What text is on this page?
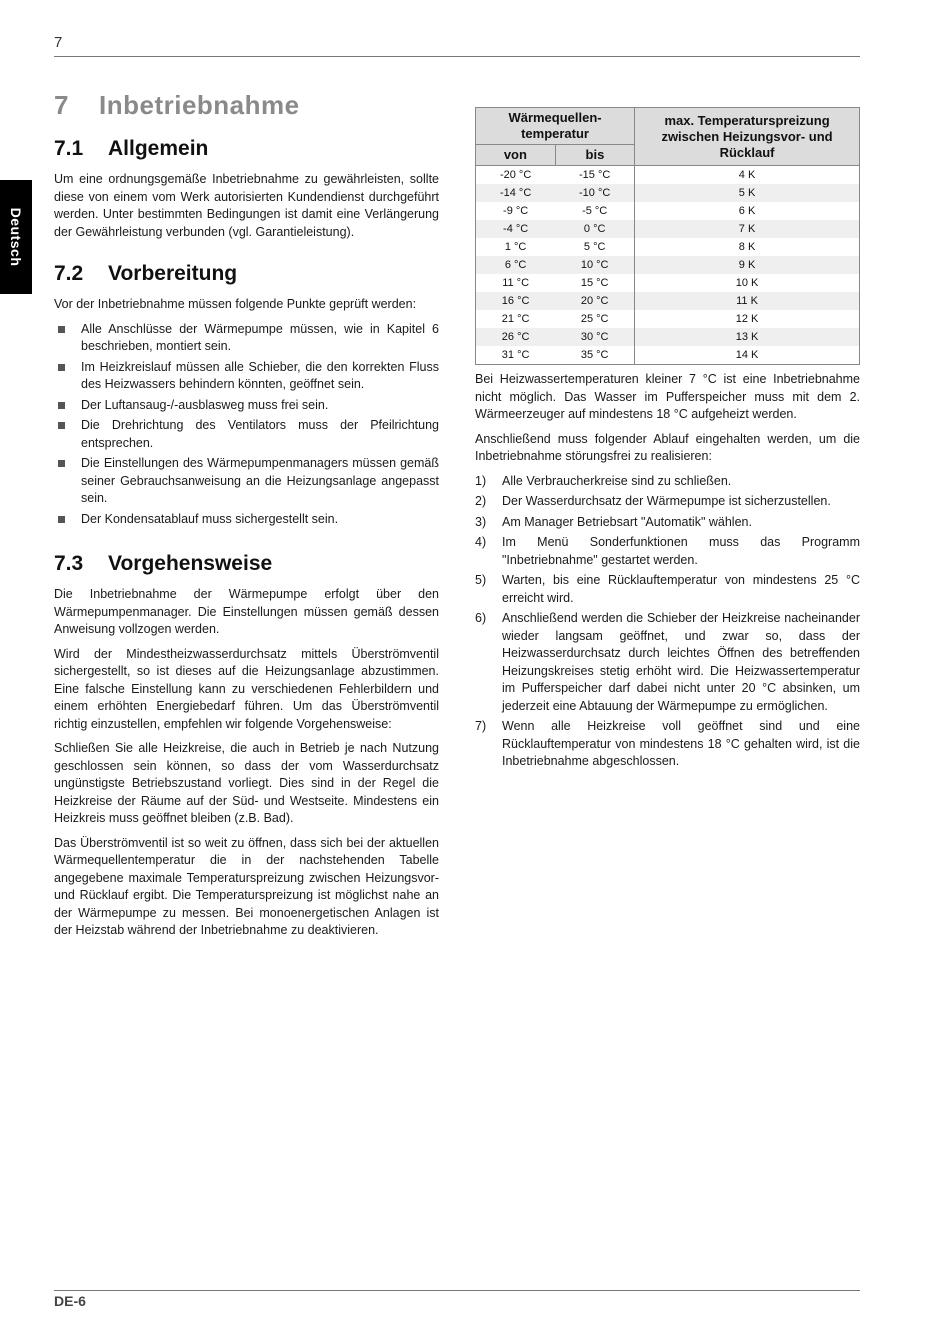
7
Deutsch
7 Inbetriebnahme
7.1 Allgemein

Um eine ordnungsgemäße Inbetriebnahme zu gewährleisten, sollte diese von einem vom Werk autorisierten Kundendienst durchgeführt werden. Unter bestimmten Bedingungen ist damit eine Verlängerung der Gewährleistung verbunden (vgl. Garantieleistung).

7.2 Vorbereitung

Vor der Inbetriebnahme müssen folgende Punkte geprüft werden:

Alle Anschlüsse der Wärmepumpe müssen, wie in Kapitel 6 beschrieben, montiert sein.
Im Heizkreislauf müssen alle Schieber, die den korrekten Fluss des Heizwassers behindern könnten, geöffnet sein.
Der Luftansaug-/-ausblasweg muss frei sein.
Die Drehrichtung des Ventilators muss der Pfeilrichtung entsprechen.
Die Einstellungen des Wärmepumpenmanagers müssen gemäß seiner Gebrauchsanweisung an die Heizungsanlage angepasst sein.
Der Kondensatablauf muss sichergestellt sein.
7.3 Vorgehensweise

Die Inbetriebnahme der Wärmepumpe erfolgt über den Wärmepumpenmanager. Die Einstellungen müssen gemäß dessen Anweisung vollzogen werden.

Wird der Mindestheizwasserdurchsatz mittels Überströmventil sichergestellt, so ist dieses auf die Heizungsanlage abzustimmen. Eine falsche Einstellung kann zu verschiedenen Fehlerbildern und einem erhöhten Energiebedarf führen. Um das Überströmventil richtig einzustellen, empfehlen wir folgende Vorgehensweise:

Schließen Sie alle Heizkreise, die auch in Betrieb je nach Nutzung geschlossen sein können, so dass der vom Wasserdurchsatz ungünstigste Betriebszustand vorliegt. Dies sind in der Regel die Heizkreise der Räume auf der Süd- und Westseite. Mindestens ein Heizkreis muss geöffnet bleiben (z.B. Bad).

Das Überströmventil ist so weit zu öffnen, dass sich bei der aktuellen Wärmequellentemperatur die in der nachstehenden Tabelle angegebene maximale Temperaturspreizung zwischen Heizungsvor- und Rücklauf ergibt. Die Temperaturspreizung ist möglichst nahe an der Wärmepumpe zu messen. Bei monoenergetischen Anlagen ist der Heizstab während der Inbetriebnahme zu deaktivieren.

Wärmequellen-temperatur		max. Temperaturspreizung zwischen Heizungsvor- und Rücklauf
von	bis	
-20 °C	-15 °C	4 K
-14 °C	-10 °C	5 K
-9 °C	-5 °C	6 K
-4 °C	0 °C	7 K
1 °C	5 °C	8 K
6 °C	10 °C	9 K
11 °C	15 °C	10 K
16 °C	20 °C	11 K
21 °C	25 °C	12 K
26 °C	30 °C	13 K
31 °C	35 °C	14 K

Bei Heizwassertemperaturen kleiner 7 °C ist eine Inbetriebnahme nicht möglich. Das Wasser im Pufferspeicher muss mit dem 2. Wärmeerzeuger auf mindestens 18 °C aufgeheizt werden.

Anschließend muss folgender Ablauf eingehalten werden, um die Inbetriebnahme störungsfrei zu realisieren:

1) Alle Verbraucherkreise sind zu schließen.
2) Der Wasserdurchsatz der Wärmepumpe ist sicherzustellen.
3) Am Manager Betriebsart "Automatik" wählen.
4) Im Menü Sonderfunktionen muss das Programm "Inbetriebnahme" gestartet werden.
5) Warten, bis eine Rücklauftemperatur von mindestens 25 °C erreicht wird.
6) Anschließend werden die Schieber der Heizkreise nacheinander wieder langsam geöffnet, und zwar so, dass der Heizwasserdurchsatz durch leichtes Öffnen des betreffenden Heizungskreises stetig erhöht wird. Die Heizwassertemperatur im Pufferspeicher darf dabei nicht unter 20 °C absinken, um jederzeit eine Abtauung der Wärmepumpe zu ermöglichen.
7) Wenn alle Heizkreise voll geöffnet sind und eine Rücklauftemperatur von mindestens 18 °C gehalten wird, ist die Inbetriebnahme abgeschlossen.
DE-6
